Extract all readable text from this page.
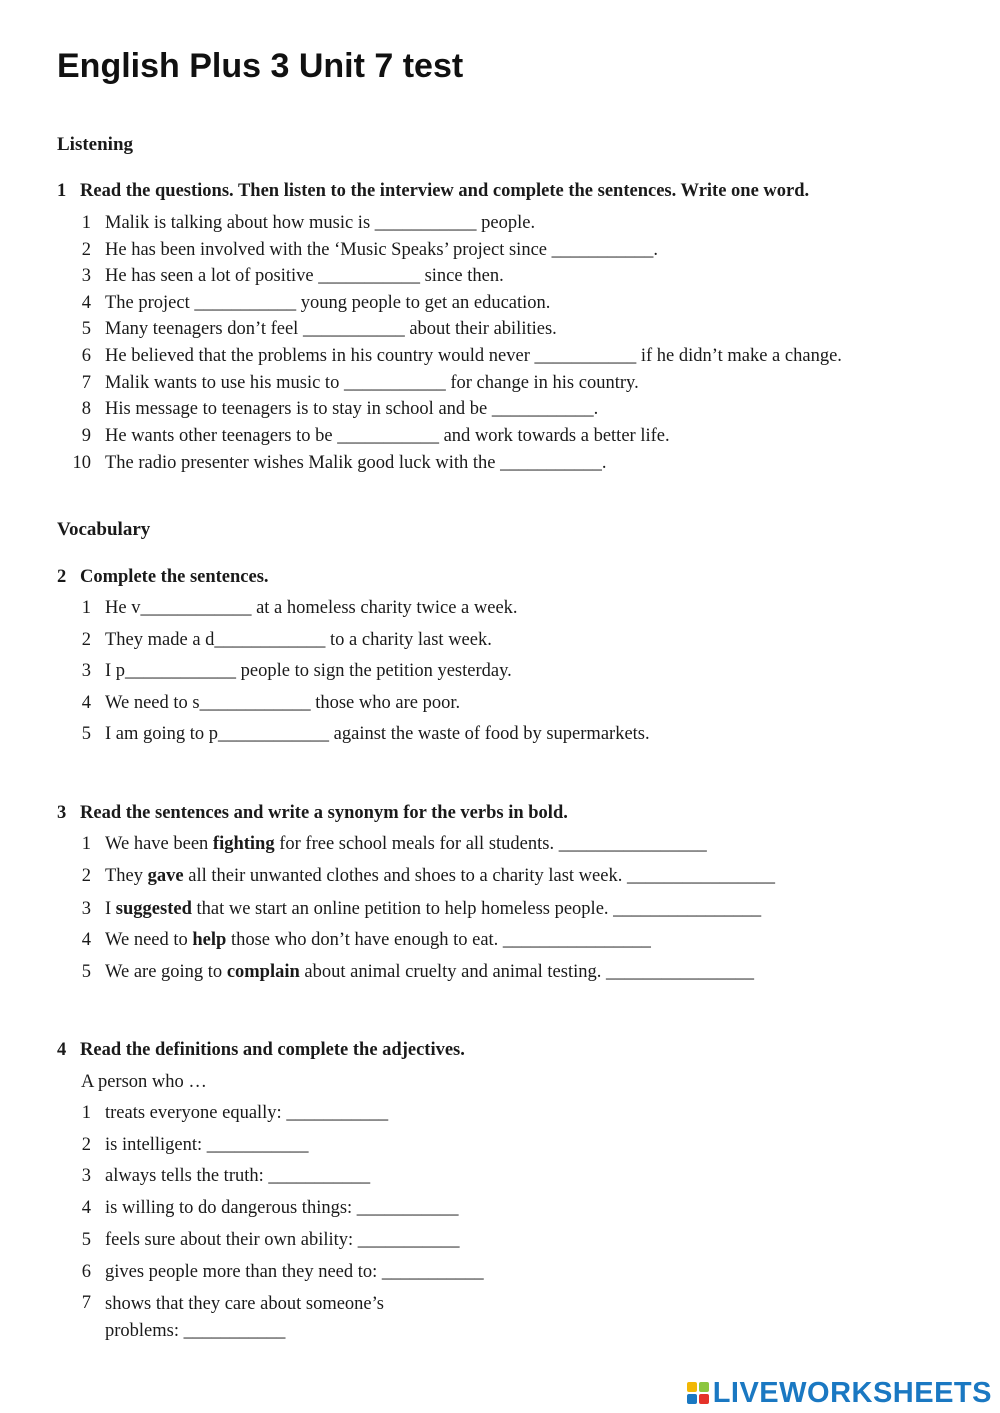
English Plus 3 Unit 7 test
Listening
1 Read the questions. Then listen to the interview and complete the sentences. Write one word.
1 Malik is talking about how music is ___________ people.
2 He has been involved with the ‘Music Speaks’ project since ___________.
3 He has seen a lot of positive ___________ since then.
4 The project ___________ young people to get an education.
5 Many teenagers don’t feel ___________ about their abilities.
6 He believed that the problems in his country would never ___________ if he didn’t make a change.
7 Malik wants to use his music to ___________ for change in his country.
8 His message to teenagers is to stay in school and be ___________.
9 He wants other teenagers to be ___________ and work towards a better life.
10 The radio presenter wishes Malik good luck with the ___________.
Vocabulary
2 Complete the sentences.
1 He v____________ at a homeless charity twice a week.
2 They made a d____________ to a charity last week.
3 I p____________ people to sign the petition yesterday.
4 We need to s____________ those who are poor.
5 I am going to p____________ against the waste of food by supermarkets.
3 Read the sentences and write a synonym for the verbs in bold.
1 We have been fighting for free school meals for all students. ________________
2 They gave all their unwanted clothes and shoes to a charity last week. ________________
3 I suggested that we start an online petition to help homeless people. ________________
4 We need to help those who don’t have enough to eat. ________________
5 We are going to complain about animal cruelty and animal testing. ________________
4 Read the definitions and complete the adjectives.
A person who …
1 treats everyone equally: ___________
2 is intelligent: ___________
3 always tells the truth: ___________
4 is willing to do dangerous things: ___________
5 feels sure about their own ability: ___________
6 gives people more than they need to: ___________
7 shows that they care about someone’s problems: ___________
LIVEWORKSHEETS
